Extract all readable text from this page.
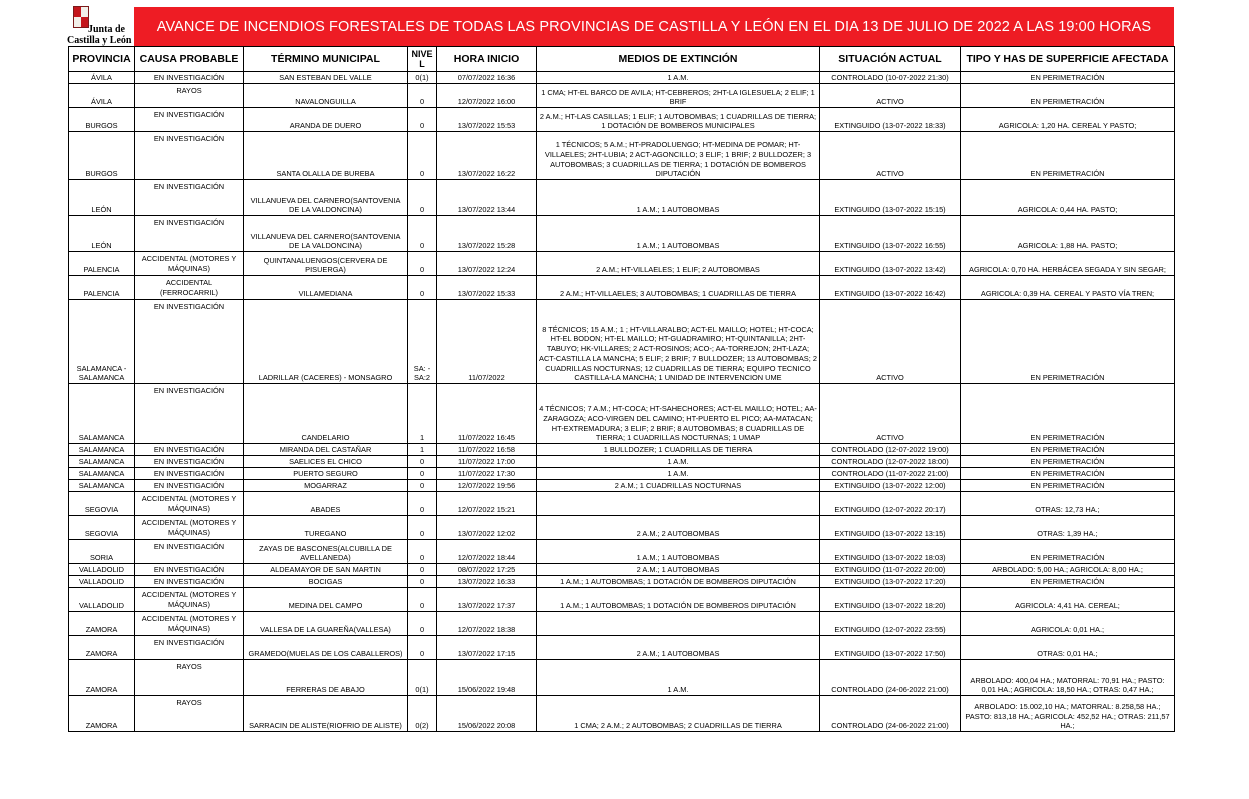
Junta de
Castilla y León
AVANCE DE INCENDIOS FORESTALES DE TODAS LAS PROVINCIAS DE CASTILLA Y LEÓN EN EL DIA 13 DE JULIO DE 2022 A LAS 19:00 HORAS
PROVINCIA	CAUSA PROBABLE	TÉRMINO MUNICIPAL	NIVEL	HORA INICIO	MEDIOS DE EXTINCIÓN	SITUACIÓN ACTUAL	TIPO Y HAS DE SUPERFICIE AFECTADA
ÁVILA	EN INVESTIGACIÓN	SAN ESTEBAN DEL VALLE	0(1)	07/07/2022 16:36	1 A.M.	CONTROLADO (10-07-2022 21:30)	EN PERIMETRACIÓN
ÁVILA	RAYOS	NAVALONGUILLA	0	12/07/2022 16:00	1 CMA; HT-EL BARCO DE AVILA; HT-CEBREROS; 2HT-LA IGLESUELA; 2 ELIF; 1 BRIF	ACTIVO	EN PERIMETRACIÓN
BURGOS	EN INVESTIGACIÓN	ARANDA DE DUERO	0	13/07/2022 15:53	2 A.M.; HT-LAS CASILLAS; 1 ELIF; 1 AUTOBOMBAS; 1 CUADRILLAS DE TIERRA; 1 DOTACIÓN DE BOMBEROS MUNICIPALES	EXTINGUIDO (13-07-2022 18:33)	AGRICOLA: 1,20 HA. CEREAL Y PASTO;
BURGOS	EN INVESTIGACIÓN	SANTA OLALLA DE BUREBA	0	13/07/2022 16:22	1 TÉCNICOS; 5 A.M.; HT-PRADOLUENGO; HT-MEDINA DE POMAR; HT-VILLAELES; 2HT-LUBIA; 2 ACT-AGONCILLO; 3 ELIF; 1 BRIF; 2 BULLDOZER; 3 AUTOBOMBAS; 3 CUADRILLAS DE TIERRA; 1 DOTACIÓN DE BOMBEROS DIPUTACIÓN	ACTIVO	EN PERIMETRACIÓN
LEÓN	EN INVESTIGACIÓN	VILLANUEVA DEL CARNERO(SANTOVENIA DE LA VALDONCINA)	0	13/07/2022 13:44	1 A.M.; 1 AUTOBOMBAS	EXTINGUIDO (13-07-2022 15:15)	AGRICOLA: 0,44 HA. PASTO;
LEÓN	EN INVESTIGACIÓN	VILLANUEVA DEL CARNERO(SANTOVENIA DE LA VALDONCINA)	0	13/07/2022 15:28	1 A.M.; 1 AUTOBOMBAS	EXTINGUIDO (13-07-2022 16:55)	AGRICOLA: 1,88 HA. PASTO;
PALENCIA	ACCIDENTAL (MOTORES Y MÁQUINAS)	QUINTANALUENGOS(CERVERA DE PISUERGA)	0	13/07/2022 12:24	2 A.M.; HT-VILLAELES; 1 ELIF; 2 AUTOBOMBAS	EXTINGUIDO (13-07-2022 13:42)	AGRICOLA: 0,70 HA. HERBÁCEA SEGADA Y SIN SEGAR;
PALENCIA	ACCIDENTAL (FERROCARRIL)	VILLAMEDIANA	0	13/07/2022 15:33	2 A.M.; HT-VILLAELES; 3 AUTOBOMBAS; 1 CUADRILLAS DE TIERRA	EXTINGUIDO (13-07-2022 16:42)	AGRICOLA: 0,39 HA. CEREAL Y PASTO VÍA TREN;
SALAMANCA - SALAMANCA	EN INVESTIGACIÓN	LADRILLAR (CACERES) - MONSAGRO	SA: - SA:2	11/07/2022	8 TÉCNICOS; 15 A.M.; 1 ; HT-VILLARALBO; ACT-EL MAILLO; HOTEL; HT-COCA; HT-EL BODON; HT-EL MAILLO; HT-GUADRAMIRO; HT-QUINTANILLA; 2HT-TABUYO; HK-VILLARES; 2 ACT-ROSINOS; ACO-; AA-TORREJON; 2HT-LAZA; ACT-CASTILLA LA MANCHA; 5 ELIF; 2 BRIF; 7 BULLDOZER; 13 AUTOBOMBAS; 2 CUADRILLAS NOCTURNAS; 12 CUADRILLAS DE TIERRA; EQUIPO TECNICO CASTILLA-LA MANCHA; 1 UNIDAD DE INTERVENCION UME	ACTIVO	EN PERIMETRACIÓN
SALAMANCA	EN INVESTIGACIÓN	CANDELARIO	1	11/07/2022 16:45	4 TÉCNICOS; 7 A.M.; HT-COCA; HT-SAHECHORES; ACT-EL MAILLO; HOTEL; AA-ZARAGOZA; ACO-VIRGEN DEL CAMINO; HT-PUERTO EL PICO; AA-MATACAN; HT-EXTREMADURA; 3 ELIF; 2 BRIF; 8 AUTOBOMBAS; 8 CUADRILLAS DE TIERRA; 1 CUADRILLAS NOCTURNAS; 1 UMAP	ACTIVO	EN PERIMETRACIÓN
SALAMANCA	EN INVESTIGACIÓN	MIRANDA DEL CASTAÑAR	1	11/07/2022 16:58	1 BULLDOZER; 1 CUADRILLAS DE TIERRA	CONTROLADO (12-07-2022 19:00)	EN PERIMETRACIÓN
SALAMANCA	EN INVESTIGACIÓN	SAELICES EL CHICO	0	11/07/2022 17:00	1 A.M.	CONTROLADO (12-07-2022 18:00)	EN PERIMETRACIÓN
SALAMANCA	EN INVESTIGACIÓN	PUERTO SEGURO	0	11/07/2022 17:30	1 A.M.	CONTROLADO (11-07-2022 21:00)	EN PERIMETRACIÓN
SALAMANCA	EN INVESTIGACIÓN	MOGARRAZ	0	12/07/2022 19:56	2 A.M.; 1 CUADRILLAS NOCTURNAS	EXTINGUIDO (13-07-2022 12:00)	EN PERIMETRACIÓN
SEGOVIA	ACCIDENTAL (MOTORES Y MÁQUINAS)	ABADES	0	12/07/2022 15:21		EXTINGUIDO (12-07-2022 20:17)	OTRAS: 12,73 HA.;
SEGOVIA	ACCIDENTAL (MOTORES Y MÁQUINAS)	TUREGANO	0	13/07/2022 12:02	2 A.M.; 2 AUTOBOMBAS	EXTINGUIDO (13-07-2022 13:15)	OTRAS: 1,39 HA.;
SORIA	EN INVESTIGACIÓN	ZAYAS DE BASCONES(ALCUBILLA DE AVELLANEDA)	0	12/07/2022 18:44	1 A.M.; 1 AUTOBOMBAS	EXTINGUIDO (13-07-2022 18:03)	EN PERIMETRACIÓN
VALLADOLID	EN INVESTIGACIÓN	ALDEAMAYOR DE SAN MARTIN	0	08/07/2022 17:25	2 A.M.; 1 AUTOBOMBAS	EXTINGUIDO (11-07-2022 20:00)	ARBOLADO: 5,00 HA.; AGRICOLA: 8,00 HA.;
VALLADOLID	EN INVESTIGACIÓN	BOCIGAS	0	13/07/2022 16:33	1 A.M.; 1 AUTOBOMBAS; 1 DOTACIÓN DE BOMBEROS DIPUTACIÓN	EXTINGUIDO (13-07-2022 17:20)	EN PERIMETRACIÓN
VALLADOLID	ACCIDENTAL (MOTORES Y MÁQUINAS)	MEDINA DEL CAMPO	0	13/07/2022 17:37	1 A.M.; 1 AUTOBOMBAS; 1 DOTACIÓN DE BOMBEROS DIPUTACIÓN	EXTINGUIDO (13-07-2022 18:20)	AGRICOLA: 4,41 HA. CEREAL;
ZAMORA	ACCIDENTAL (MOTORES Y MÁQUINAS)	VALLESA DE LA GUAREÑA(VALLESA)	0	12/07/2022 18:38		EXTINGUIDO (12-07-2022 23:55)	AGRICOLA: 0,01 HA.;
ZAMORA	EN INVESTIGACIÓN	GRAMEDO(MUELAS DE LOS CABALLEROS)	0	13/07/2022 17:15	2 A.M.; 1 AUTOBOMBAS	EXTINGUIDO (13-07-2022 17:50)	OTRAS: 0,01 HA.;
ZAMORA	RAYOS	FERRERAS DE ABAJO	0(1)	15/06/2022 19:48	1 A.M.	CONTROLADO (24-06-2022 21:00)	ARBOLADO: 400,04 HA.; MATORRAL: 70,91 HA.; PASTO: 0,01 HA.; AGRICOLA: 18,50 HA.; OTRAS: 0,47 HA.;
ZAMORA	RAYOS	SARRACIN DE ALISTE(RIOFRIO DE ALISTE)	0(2)	15/06/2022 20:08	1 CMA; 2 A.M.; 2 AUTOBOMBAS; 2 CUADRILLAS DE TIERRA	CONTROLADO (24-06-2022 21:00)	ARBOLADO: 15.002,10 HA.; MATORRAL: 8.258,58 HA.; PASTO: 813,18 HA.; AGRICOLA: 452,52 HA.; OTRAS: 211,57 HA.;
